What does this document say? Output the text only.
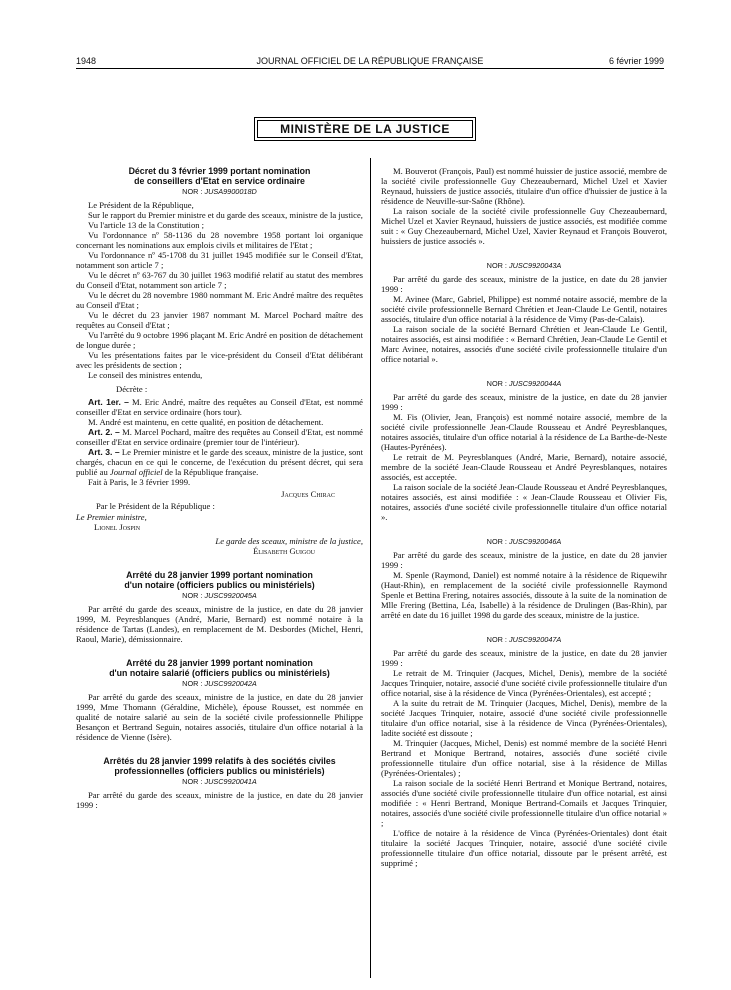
1948	JOURNAL OFFICIEL DE LA RÉPUBLIQUE FRANÇAISE	6 février 1999
MINISTÈRE DE LA JUSTICE
Décret du 3 février 1999 portant nomination
de conseillers d'Etat en service ordinaire
NOR : JUSA9900018D

Le Président de la République,

Sur le rapport du Premier ministre et du garde des sceaux, ministre de la justice,

Vu l'article 13 de la Constitution ;

Vu l'ordonnance nº 58-1136 du 28 novembre 1958 portant loi organique concernant les nominations aux emplois civils et militaires de l'Etat ;

Vu l'ordonnance nº 45-1708 du 31 juillet 1945 modifiée sur le Conseil d'Etat, notamment son article 7 ;

Vu le décret nº 63-767 du 30 juillet 1963 modifié relatif au statut des membres du Conseil d'Etat, notamment son article 7 ;

Vu le décret du 28 novembre 1980 nommant M. Eric André maître des requêtes au Conseil d'Etat ;

Vu le décret du 23 janvier 1987 nommant M. Marcel Pochard maître des requêtes au Conseil d'Etat ;

Vu l'arrêté du 9 octobre 1996 plaçant M. Eric André en position de détachement de longue durée ;

Vu les présentations faites par le vice-président du Conseil d'Etat délibérant avec les présidents de section ;

Le conseil des ministres entendu,

Décrète :

Art. 1er. – M. Eric André, maître des requêtes au Conseil d'Etat, est nommé conseiller d'Etat en service ordinaire (hors tour).

M. André est maintenu, en cette qualité, en position de détachement.

Art. 2. – M. Marcel Pochard, maître des requêtes au Conseil d'Etat, est nommé conseiller d'Etat en service ordinaire (premier tour de l'intérieur).

Art. 3. – Le Premier ministre et le garde des sceaux, ministre de la justice, sont chargés, chacun en ce qui le concerne, de l'exécution du présent décret, qui sera publié au Journal officiel de la République française.

Fait à Paris, le 3 février 1999.

Jacques Chirac
Par le Président de la République :
Le Premier ministre,
Lionel Jospin
Le garde des sceaux, ministre de la justice,
Élisabeth Guigou
Arrêté du 28 janvier 1999 portant nomination
d'un notaire (officiers publics ou ministériels)
NOR : JUSC9920045A

Par arrêté du garde des sceaux, ministre de la justice, en date du 28 janvier 1999, M. Peyresblanques (André, Marie, Bernard) est nommé notaire à la résidence de Tartas (Landes), en remplacement de M. Desbordes (Michel, Henri, Raoul, Marie), démissionnaire.

Arrêté du 28 janvier 1999 portant nomination
d'un notaire salarié (officiers publics ou ministériels)
NOR : JUSC9920042A

Par arrêté du garde des sceaux, ministre de la justice, en date du 28 janvier 1999, Mme Thomann (Géraldine, Michèle), épouse Rousset, est nommée en qualité de notaire salarié au sein de la société civile professionnelle Philippe Besançon et Bertrand Seguin, notaires associés, titulaire d'un office notarial à la résidence de Vienne (Isère).

Arrêtés du 28 janvier 1999 relatifs à des sociétés civiles
professionnelles (officiers publics ou ministériels)
NOR : JUSC9920041A

Par arrêté du garde des sceaux, ministre de la justice, en date du 28 janvier 1999 :

M. Bouverot (François, Paul) est nommé huissier de justice associé, membre de la société civile professionnelle Guy Chezeaubernard, Michel Uzel et Xavier Reynaud, huissiers de justice associés, titulaire d'un office d'huissier de justice à la résidence de Neuville-sur-Saône (Rhône).

La raison sociale de la société civile professionnelle Guy Chezeaubernard, Michel Uzel et Xavier Reynaud, huissiers de justice associés, est modifiée comme suit : « Guy Chezeaubernard, Michel Uzel, Xavier Reynaud et François Bouverot, huissiers de justice associés ».

NOR : JUSC9920043A

Par arrêté du garde des sceaux, ministre de la justice, en date du 28 janvier 1999 :

M. Avinee (Marc, Gabriel, Philippe) est nommé notaire associé, membre de la société civile professionnelle Bernard Chrétien et Jean-Claude Le Gentil, notaires associés, titulaire d'un office notarial à la résidence de Vimy (Pas-de-Calais).

La raison sociale de la société Bernard Chrétien et Jean-Claude Le Gentil, notaires associés, est ainsi modifiée : « Bernard Chrétien, Jean-Claude Le Gentil et Marc Avinee, notaires, associés d'une société civile professionnelle titulaire d'un office notarial ».

NOR : JUSC9920044A

Par arrêté du garde des sceaux, ministre de la justice, en date du 28 janvier 1999 :

M. Fis (Olivier, Jean, François) est nommé notaire associé, membre de la société civile professionnelle Jean-Claude Rousseau et André Peyresblanques, notaires associés, titulaire d'un office notarial à la résidence de La Barthe-de-Neste (Hautes-Pyrénées).

Le retrait de M. Peyresblanques (André, Marie, Bernard), notaire associé, membre de la société Jean-Claude Rousseau et André Peyresblanques, notaires associés, est acceptée.

La raison sociale de la société Jean-Claude Rousseau et André Peyresblanques, notaires associés, est ainsi modifiée : « Jean-Claude Rousseau et Olivier Fis, notaires, associés d'une société civile professionnelle titulaire d'un office notarial ».

NOR : JUSC9920046A

Par arrêté du garde des sceaux, ministre de la justice, en date du 28 janvier 1999 :

M. Spenle (Raymond, Daniel) est nommé notaire à la résidence de Riquewihr (Haut-Rhin), en remplacement de la société civile professionnelle Raymond Spenle et Bettina Frering, notaires associés, dissoute à la suite de la nomination de Mlle Frering (Bettina, Léa, Isabelle) à la résidence de Drulingen (Bas-Rhin), par arrêté en date du 16 juillet 1998 du garde des sceaux, ministre de la justice.

NOR : JUSC9920047A

Par arrêté du garde des sceaux, ministre de la justice, en date du 28 janvier 1999 :

Le retrait de M. Trinquier (Jacques, Michel, Denis), membre de la société Jacques Trinquier, notaire, associé d'une société civile professionnelle titulaire d'un office notarial, sise à la résidence de Vinca (Pyrénées-Orientales), est accepté ;

A la suite du retrait de M. Trinquier (Jacques, Michel, Denis), membre de la société Jacques Trinquier, notaire, associé d'une société civile professionnelle titulaire d'un office notarial, sise à la résidence de Vinca (Pyrénées-Orientales), ladite société est dissoute ;

M. Trinquier (Jacques, Michel, Denis) est nommé membre de la société Henri Bertrand et Monique Bertrand, notaires, associés d'une société civile professionnelle titulaire d'un office notarial, sise à la résidence de Millas (Pyrénées-Orientales) ;

La raison sociale de la société Henri Bertrand et Monique Bertrand, notaires, associés d'une société civile professionnelle titulaire d'un office notarial, est ainsi modifiée : « Henri Bertrand, Monique Bertrand-Comails et Jacques Trinquier, notaires, associés d'une société civile professionnelle titulaire d'un office notarial » ;

L'office de notaire à la résidence de Vinca (Pyrénées-Orientales) dont était titulaire la société Jacques Trinquier, notaire, associé d'une société civile professionnelle titulaire d'un office notarial, dissoute par le présent arrêté, est supprimé ;
